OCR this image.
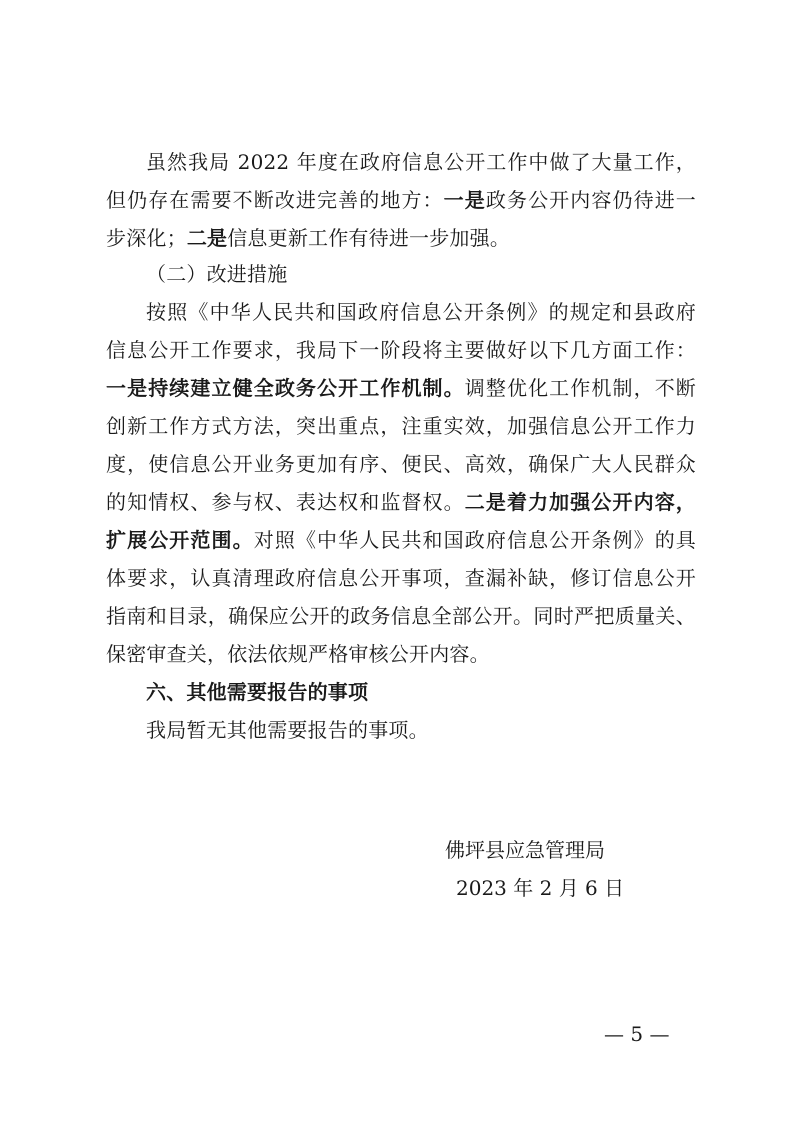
虽然我局 2022 年度在政府信息公开工作中做了大量工作，
但仍存在需要不断改进完善的地方：一是政务公开内容仍待进一
步深化；二是信息更新工作有待进一步加强。
（二）改进措施
按照《中华人民共和国政府信息公开条例》的规定和县政府
信息公开工作要求，我局下一阶段将主要做好以下几方面工作：
一是持续建立健全政务公开工作机制。调整优化工作机制，不断
创新工作方式方法，突出重点，注重实效，加强信息公开工作力
度，使信息公开业务更加有序、便民、高效，确保广大人民群众
的知情权、参与权、表达权和监督权。二是着力加强公开内容，
扩展公开范围。对照《中华人民共和国政府信息公开条例》的具
体要求，认真清理政府信息公开事项，查漏补缺，修订信息公开
指南和目录，确保应公开的政务信息全部公开。同时严把质量关、
保密审查关，依法依规严格审核公开内容。
六、其他需要报告的事项
我局暂无其他需要报告的事项。
佛坪县应急管理局
2023 年 2 月 6 日
— 5 —
